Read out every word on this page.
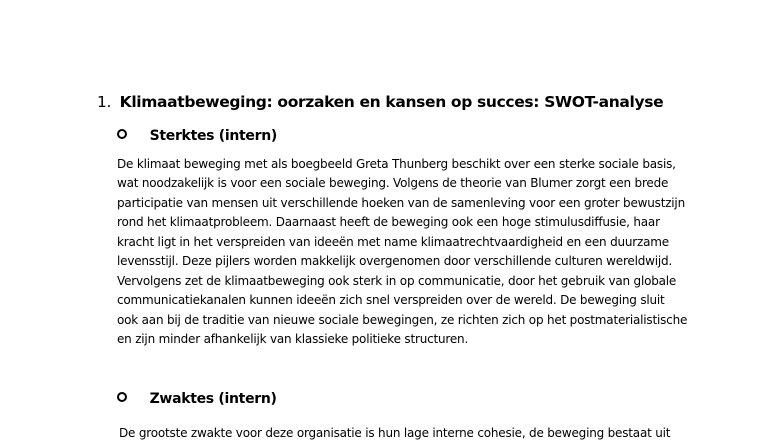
1. Klimaatbeweging: oorzaken en kansen op succes: SWOT-analyse
Sterktes (intern)
De klimaat beweging met als boegbeeld Greta Thunberg beschikt over een sterke sociale basis,
wat noodzakelijk is voor een sociale beweging. Volgens de theorie van Blumer zorgt een brede
participatie van mensen uit verschillende hoeken van de samenleving voor een groter bewustzijn
rond het klimaatprobleem. Daarnaast heeft de beweging ook een hoge stimulusdiffusie, haar
kracht ligt in het verspreiden van ideeën met name klimaatrechtvaardigheid en een duurzame
levensstijl. Deze pijlers worden makkelijk overgenomen door verschillende culturen wereldwijd.
Vervolgens zet de klimaatbeweging ook sterk in op communicatie, door het gebruik van globale
communicatiekanalen kunnen ideeën zich snel verspreiden over de wereld. De beweging sluit
ook aan bij de traditie van nieuwe sociale bewegingen, ze richten zich op het postmaterialistische
en zijn minder afhankelijk van klassieke politieke structuren.
Zwaktes (intern)
De grootste zwakte voor deze organisatie is hun lage interne cohesie, de beweging bestaat uit
